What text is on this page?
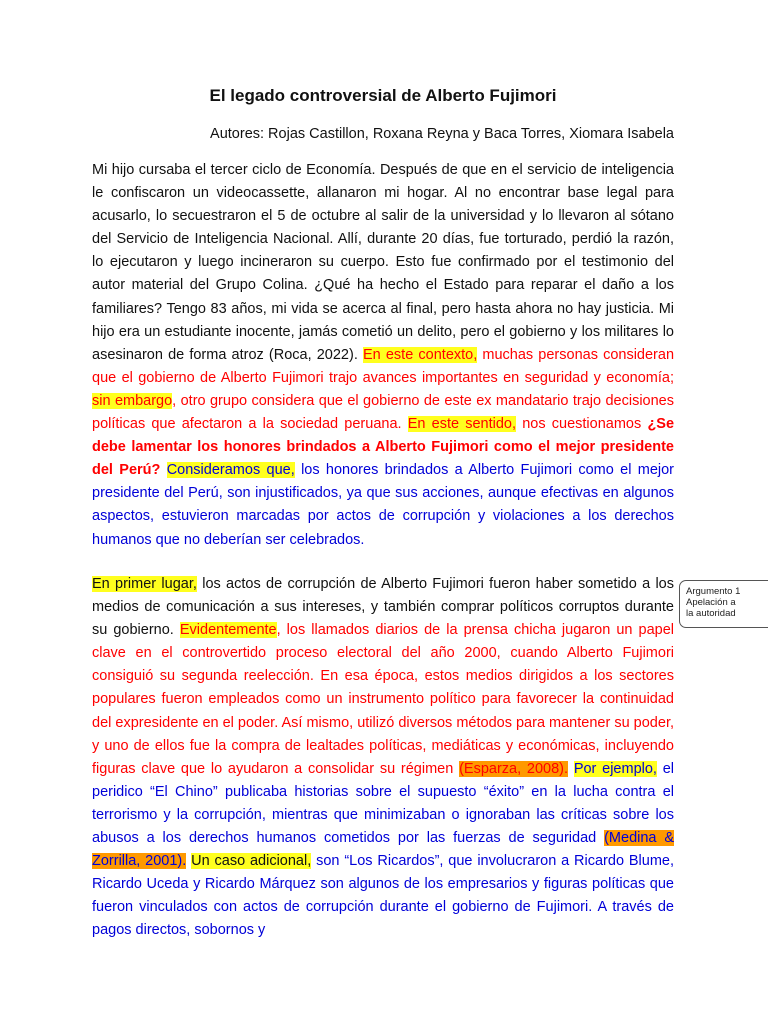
El legado controversial de Alberto Fujimori
Autores: Rojas Castillon, Roxana Reyna y Baca Torres, Xiomara Isabela

Mi hijo cursaba el tercer ciclo de Economía. Después de que en el servicio de inteligencia le confiscaron un videocassette, allanaron mi hogar. Al no encontrar base legal para acusarlo, lo secuestraron el 5 de octubre al salir de la universidad y lo llevaron al sótano del Servicio de Inteligencia Nacional. Allí, durante 20 días, fue torturado, perdió la razón, lo ejecutaron y luego incineraron su cuerpo. Esto fue confirmado por el testimonio del autor material del Grupo Colina. ¿Qué ha hecho el Estado para reparar el daño a los familiares? Tengo 83 años, mi vida se acerca al final, pero hasta ahora no hay justicia. Mi hijo era un estudiante inocente, jamás cometió un delito, pero el gobierno y los militares lo asesinaron de forma atroz (Roca, 2022). En este contexto, muchas personas consideran que el gobierno de Alberto Fujimori trajo avances importantes en seguridad y economía; sin embargo, otro grupo considera que el gobierno de este ex mandatario trajo decisiones políticas que afectaron a la sociedad peruana. En este sentido, nos cuestionamos ¿Se debe lamentar los honores brindados a Alberto Fujimori como el mejor presidente del Perú? Consideramos que, los honores brindados a Alberto Fujimori como el mejor presidente del Perú, son injustificados, ya que sus acciones, aunque efectivas en algunos aspectos, estuvieron marcadas por actos de corrupción y violaciones a los derechos humanos que no deberían ser celebrados.

En primer lugar, los actos de corrupción de Alberto Fujimori fueron haber sometido a los medios de comunicación a sus intereses, y también comprar políticos corruptos durante su gobierno. Evidentemente, los llamados diarios de la prensa chicha jugaron un papel clave en el controvertido proceso electoral del año 2000, cuando Alberto Fujimori consiguió su segunda reelección. En esa época, estos medios dirigidos a los sectores populares fueron empleados como un instrumento político para favorecer la continuidad del expresidente en el poder. Así mismo, utilizó diversos métodos para mantener su poder, y uno de ellos fue la compra de lealtades políticas, mediáticas y económicas, incluyendo figuras clave que lo ayudaron a consolidar su régimen (Esparza, 2008). Por ejemplo, el peridico “El Chino” publicaba historias sobre el supuesto “éxito” en la lucha contra el terrorismo y la corrupción, mientras que minimizaban o ignoraban las críticas sobre los abusos a los derechos humanos cometidos por las fuerzas de seguridad (Medina & Zorrilla, 2001). Un caso adicional, son “Los Ricardos”, que involucraron a Ricardo Blume, Ricardo Uceda y Ricardo Márquez son algunos de los empresarios y figuras políticas que fueron vinculados con actos de corrupción durante el gobierno de Fujimori. A través de pagos directos, sobornos y

Argumento 1
Apelación a
la autoridad
